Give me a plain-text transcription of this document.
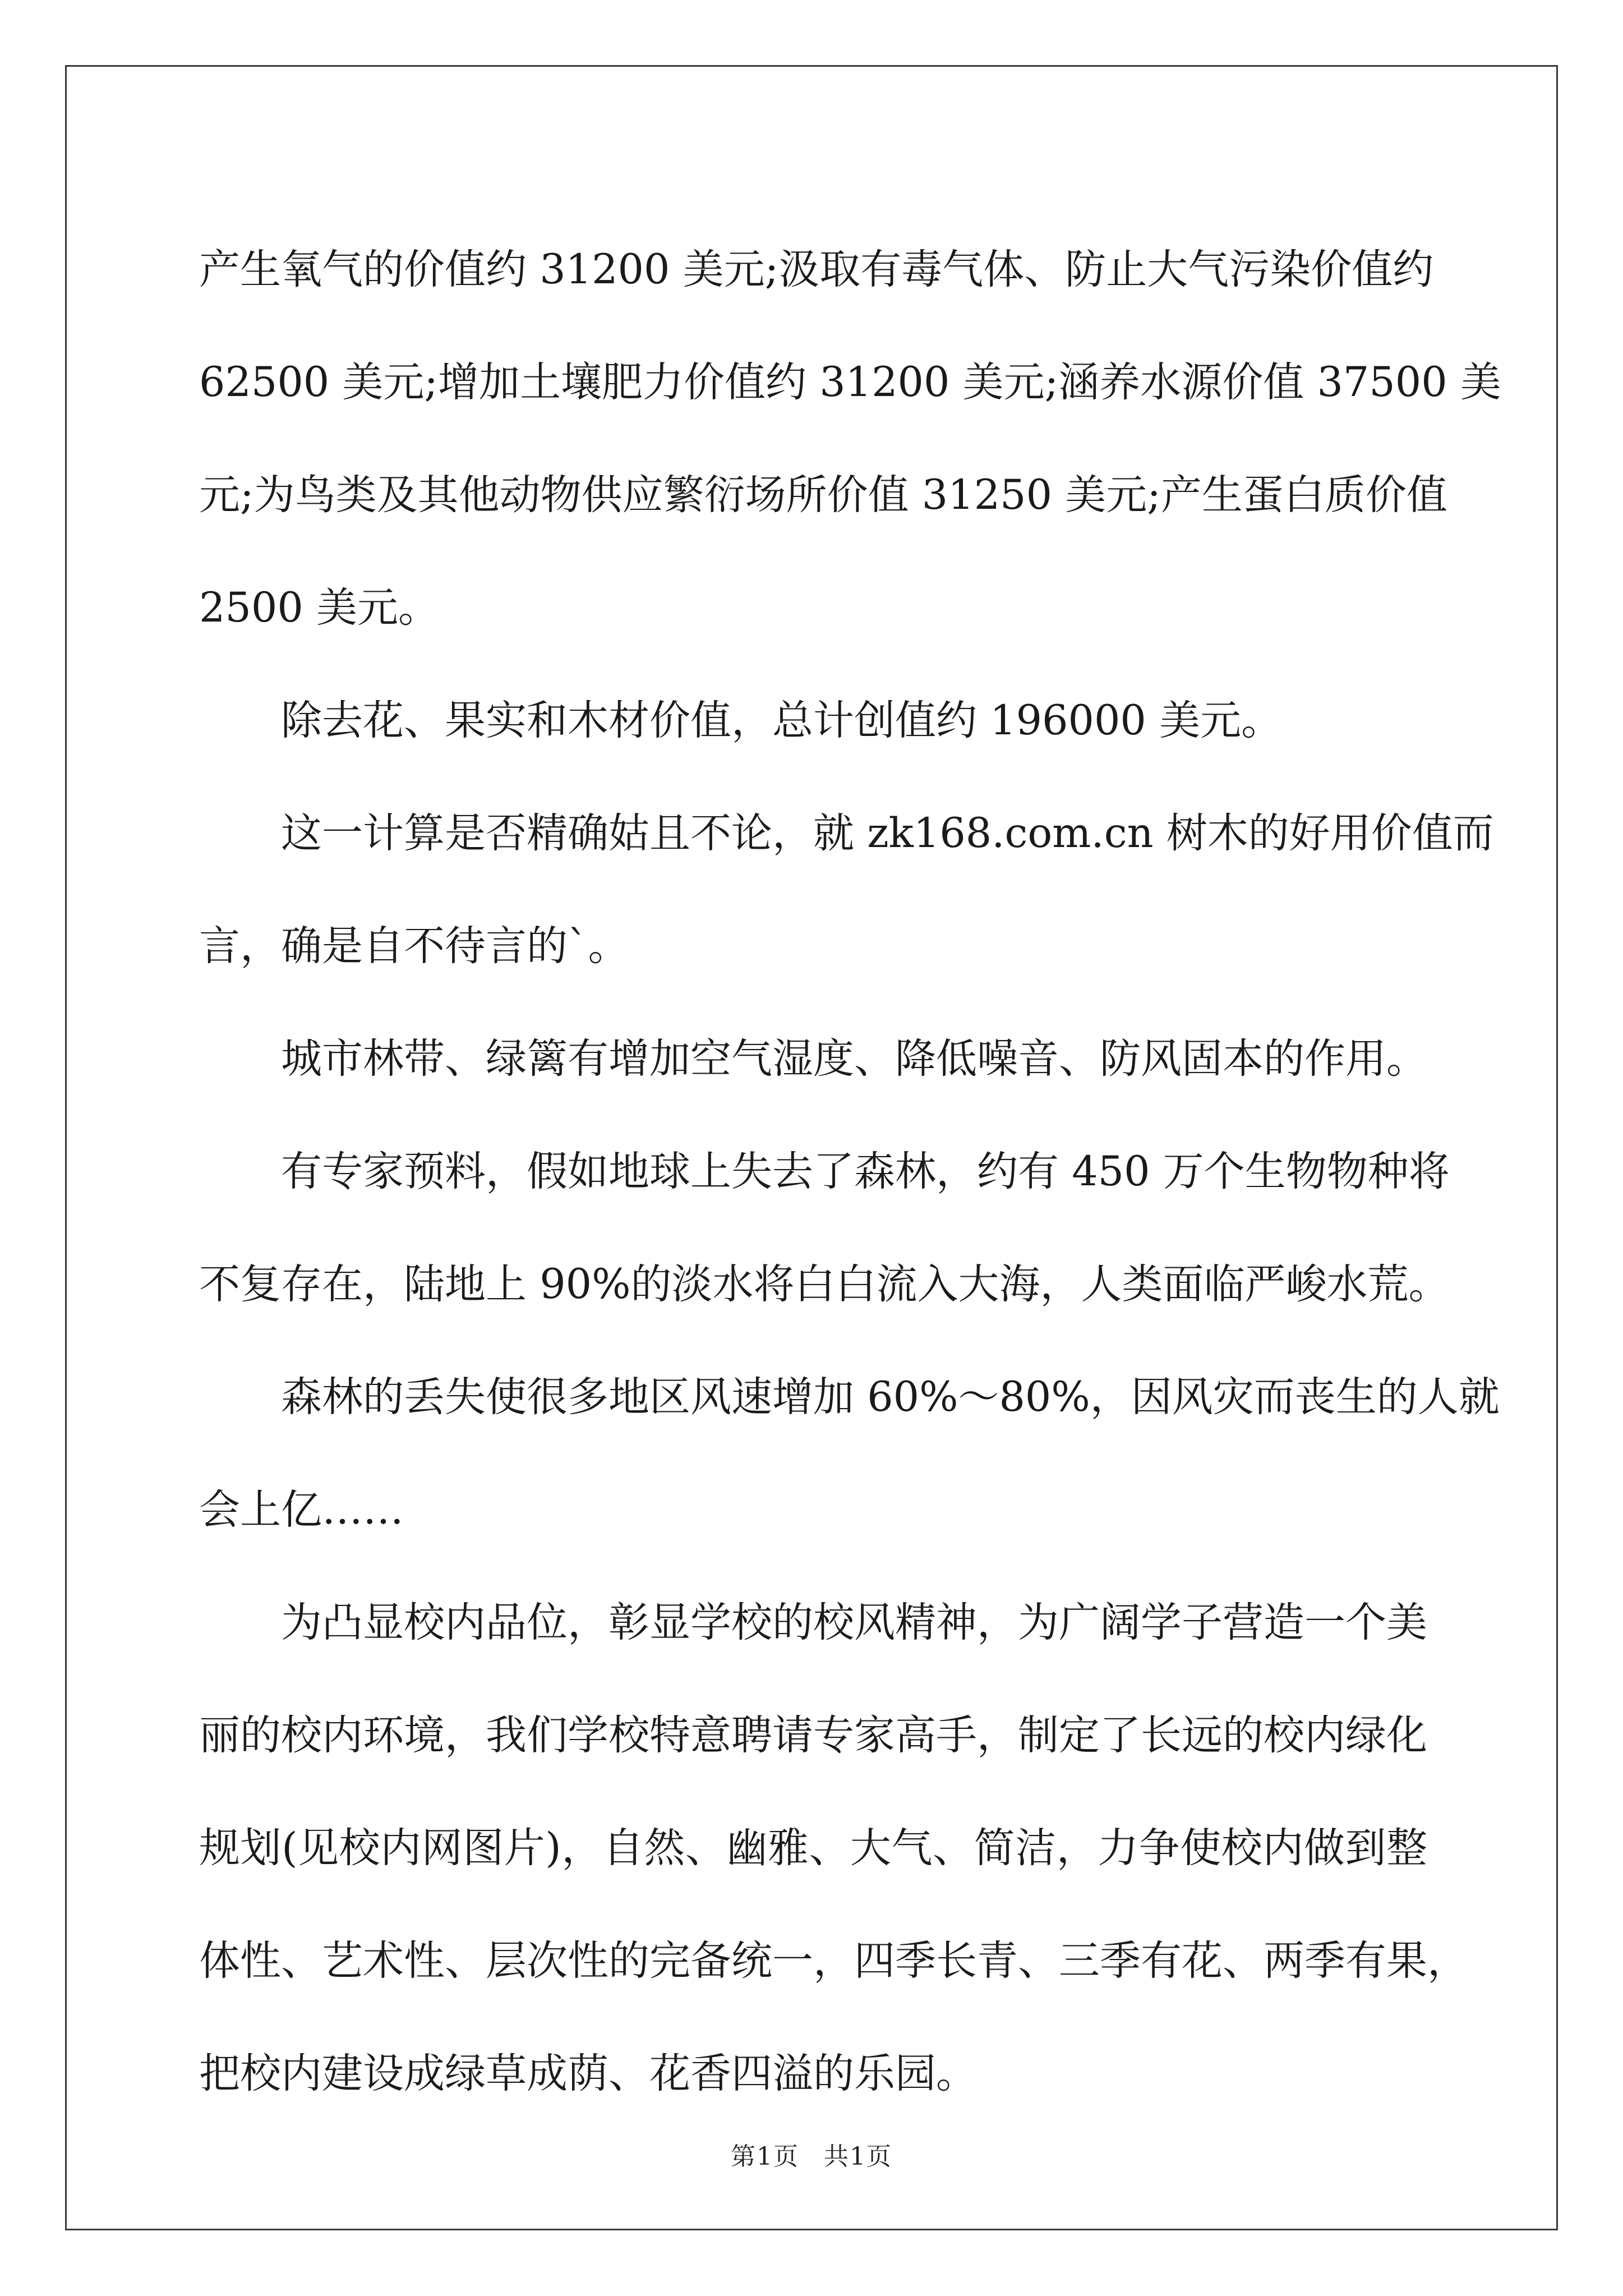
产生氧气的价值约 31200 美元;汲取有毒气体、防止大气污染价值约
62500 美元;增加土壤肥力价值约 31200 美元;涵养水源价值 37500 美
元;为鸟类及其他动物供应繁衍场所价值 31250 美元;产生蛋白质价值
2500 美元。
除去花、果实和木材价值，总计创值约 196000 美元。
这一计算是否精确姑且不论，就 zk168.com.cn 树木的好用价值而
言，确是自不待言的`。
城市林带、绿篱有增加空气湿度、降低噪音、防风固本的作用。
有专家预料，假如地球上失去了森林，约有 450 万个生物物种将
不复存在，陆地上 90%的淡水将白白流入大海，人类面临严峻水荒。
森林的丢失使很多地区风速增加 60%～80%，因风灾而丧生的人就
会上亿……
为凸显校内品位，彰显学校的校风精神，为广阔学子营造一个美
丽的校内环境，我们学校特意聘请专家高手，制定了长远的校内绿化
规划(见校内网图片)，自然、幽雅、大气、简洁，力争使校内做到整
体性、艺术性、层次性的完备统一，四季长青、三季有花、两季有果，
把校内建设成绿草成荫、花香四溢的乐园。
第1页 共1页
